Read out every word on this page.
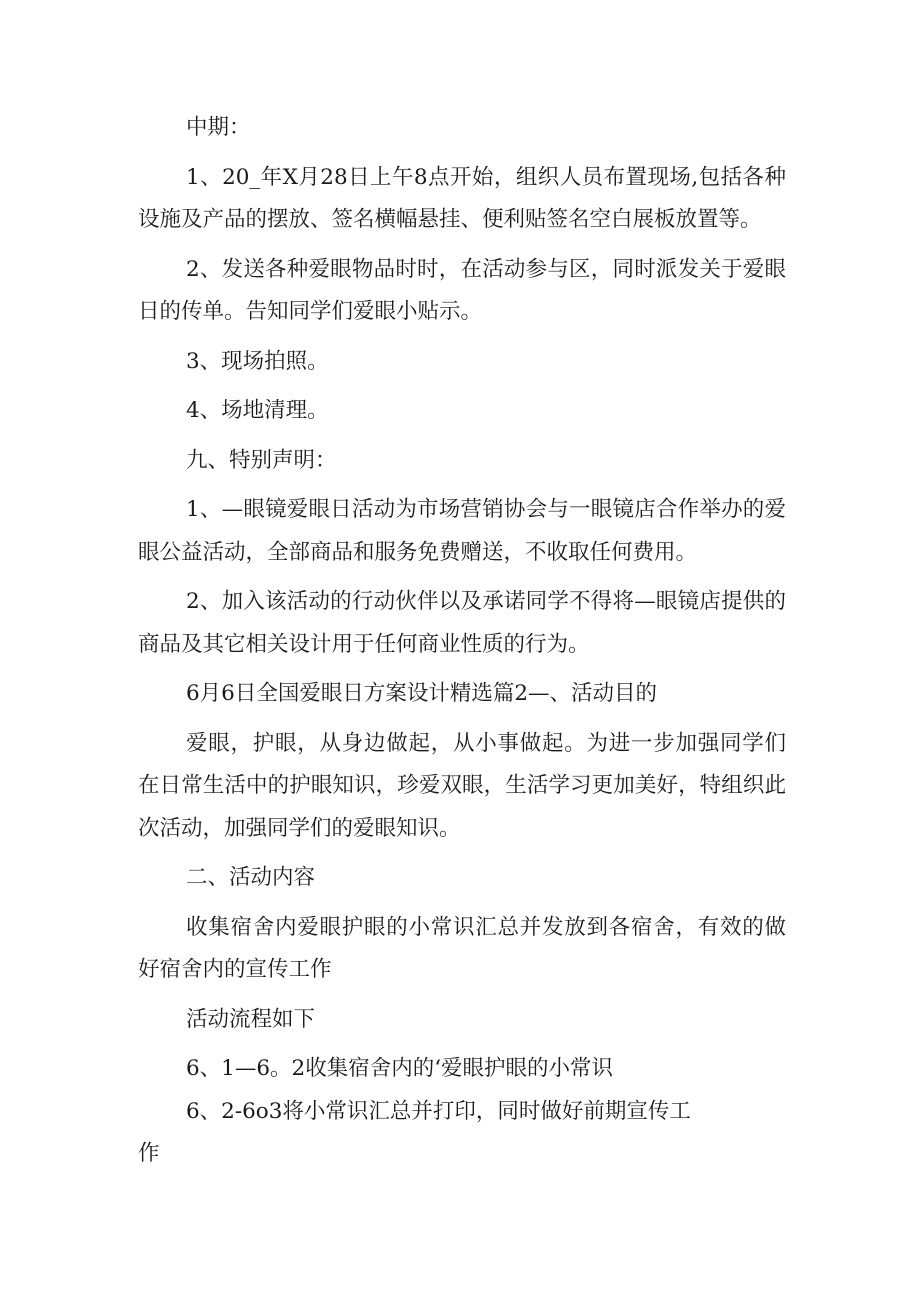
中期：

1、20_年X月28日上午8点开始，组织人员布置现场,包括各种设施及产品的摆放、签名横幅悬挂、便利贴签名空白展板放置等。

2、发送各种爱眼物品时时，在活动参与区，同时派发关于爱眼日的传单。告知同学们爱眼小贴示。

3、现场拍照。

4、场地清理。

九、特别声明：

1、—眼镜爱眼日活动为市场营销协会与一眼镜店合作举办的爱眼公益活动，全部商品和服务免费赠送，不收取任何费用。

2、加入该活动的行动伙伴以及承诺同学不得将—眼镜店提供的商品及其它相关设计用于任何商业性质的行为。

6月6日全国爱眼日方案设计精选篇2—、活动目的

爱眼，护眼，从身边做起，从小事做起。为进一步加强同学们在日常生活中的护眼知识，珍爱双眼，生活学习更加美好，特组织此次活动，加强同学们的爱眼知识。

二、活动内容

收集宿舍内爱眼护眼的小常识汇总并发放到各宿舍，有效的做好宿舍内的宣传工作

活动流程如下

6、1—6。2收集宿舍内的‘爱眼护眼的小常识

6、2-6o3将小常识汇总并打印，同时做好前期宣传工

作
